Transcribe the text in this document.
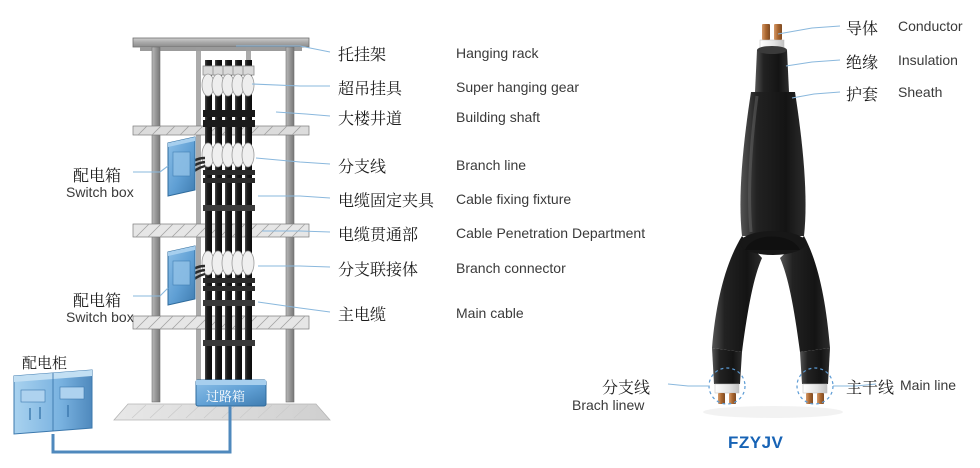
托挂架
超吊挂具
大楼井道
分支线
电缆固定夹具
电缆贯通部
分支联接体
主电缆
Hanging rack
Super hanging gear
Building shaft
Branch line
Cable fixing fixture
Cable Penetration Department
Branch connector
Main cable
配电箱
Switch box
配电箱
Switch box
配电柜
过路箱
导体 Conductor
绝缘 Insulation
护套 Sheath
分支线
Brach linew
主干线 Main line
FZYJV
